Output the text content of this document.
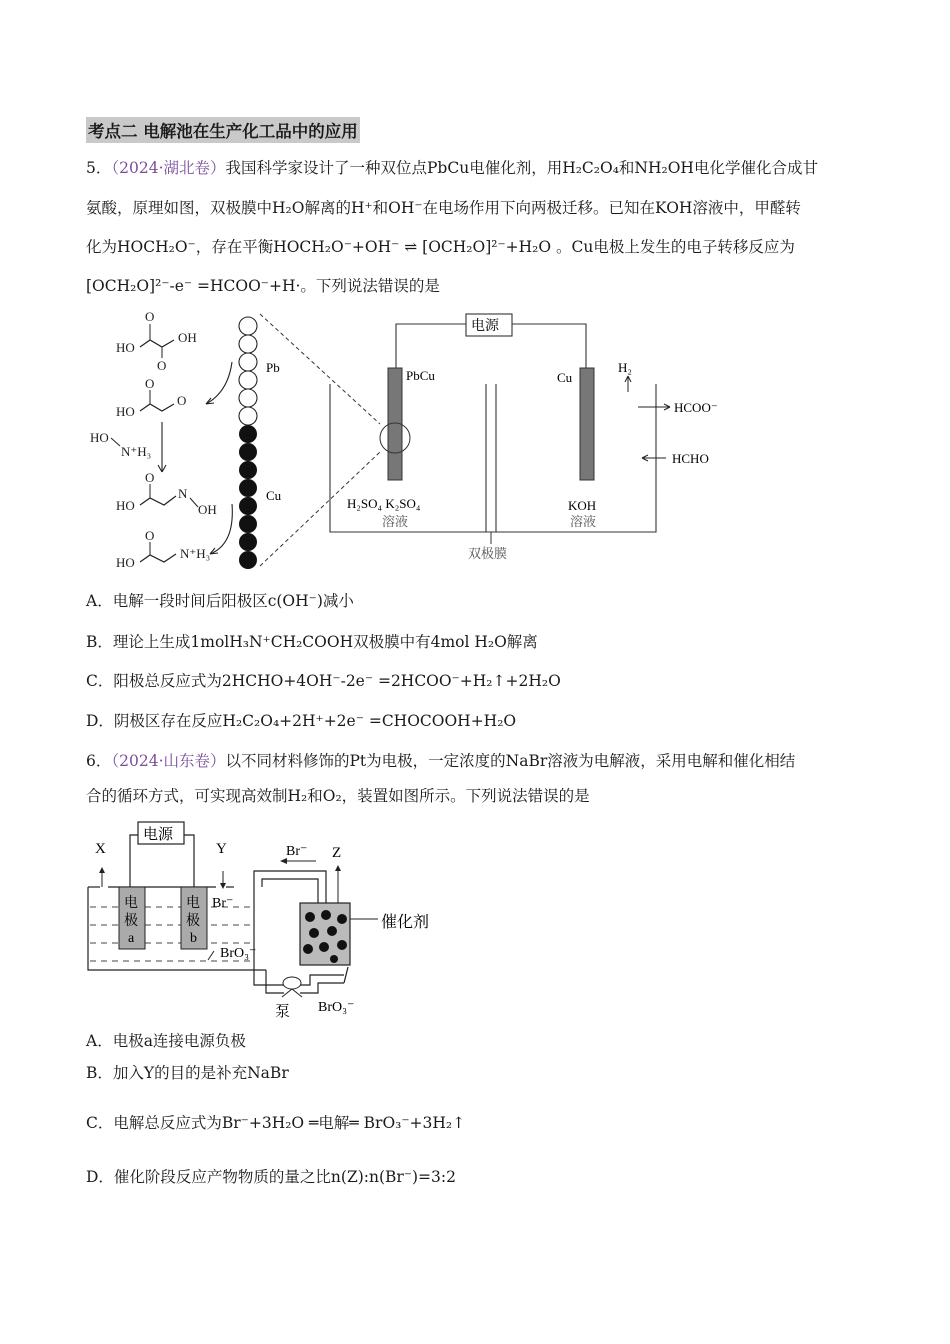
考点二 电解池在生产化工品中的应用
5．（2024·湖北卷）我国科学家设计了一种双位点PbCu电催化剂，用H₂C₂O₄和NH₂OH电化学催化合成甘
氨酸，原理如图，双极膜中H₂O解离的H⁺和OH⁻在电场作用下向两极迁移。已知在KOH溶液中，甲醛转
化为HOCH₂O⁻，存在平衡HOCH₂O⁻+OH⁻ ⇌ [OCH₂O]²⁻+H₂O 。Cu电极上发生的电子转移反应为
[OCH₂O]²⁻-e⁻ =HCOO⁻+H·。下列说法错误的是
HO
O
O
OH
HO
O
O
HO
N⁺H₃
HO
O
N
OH
HO
O
N⁺H₃
Pb
Cu
电源
PbCu	Cu
H₂SO₄ K₂SO₄
溶液
KOH
溶液
双极膜
H₂
HCOO⁻
HCHO
A．电解一段时间后阳极区c(OH⁻)减小
B．理论上生成1molH₃N⁺CH₂COOH双极膜中有4mol H₂O解离
C．阳极总反应式为2HCHO+4OH⁻-2e⁻ =2HCOO⁻+H₂↑+2H₂O
D．阴极区存在反应H₂C₂O₄+2H⁺+2e⁻ =CHOCOOH+H₂O
6．（2024·山东卷）以不同材料修饰的Pt为电极，一定浓度的NaBr溶液为电解液，采用电解和催化相结
合的循环方式，可实现高效制H₂和O₂，装置如图所示。下列说法错误的是
电
极
a
电
极
b
电源
X	Y
Br⁻
BrO₃⁻
Br⁻
泵
催化剂
Z
BrO₃⁻
A．电极a连接电源负极
B．加入Y的目的是补充NaBr
C．电解总反应式为Br⁻+3H₂O ═电解═ BrO₃⁻+3H₂↑
D．催化阶段反应产物物质的量之比n(Z):n(Br⁻)=3:2
